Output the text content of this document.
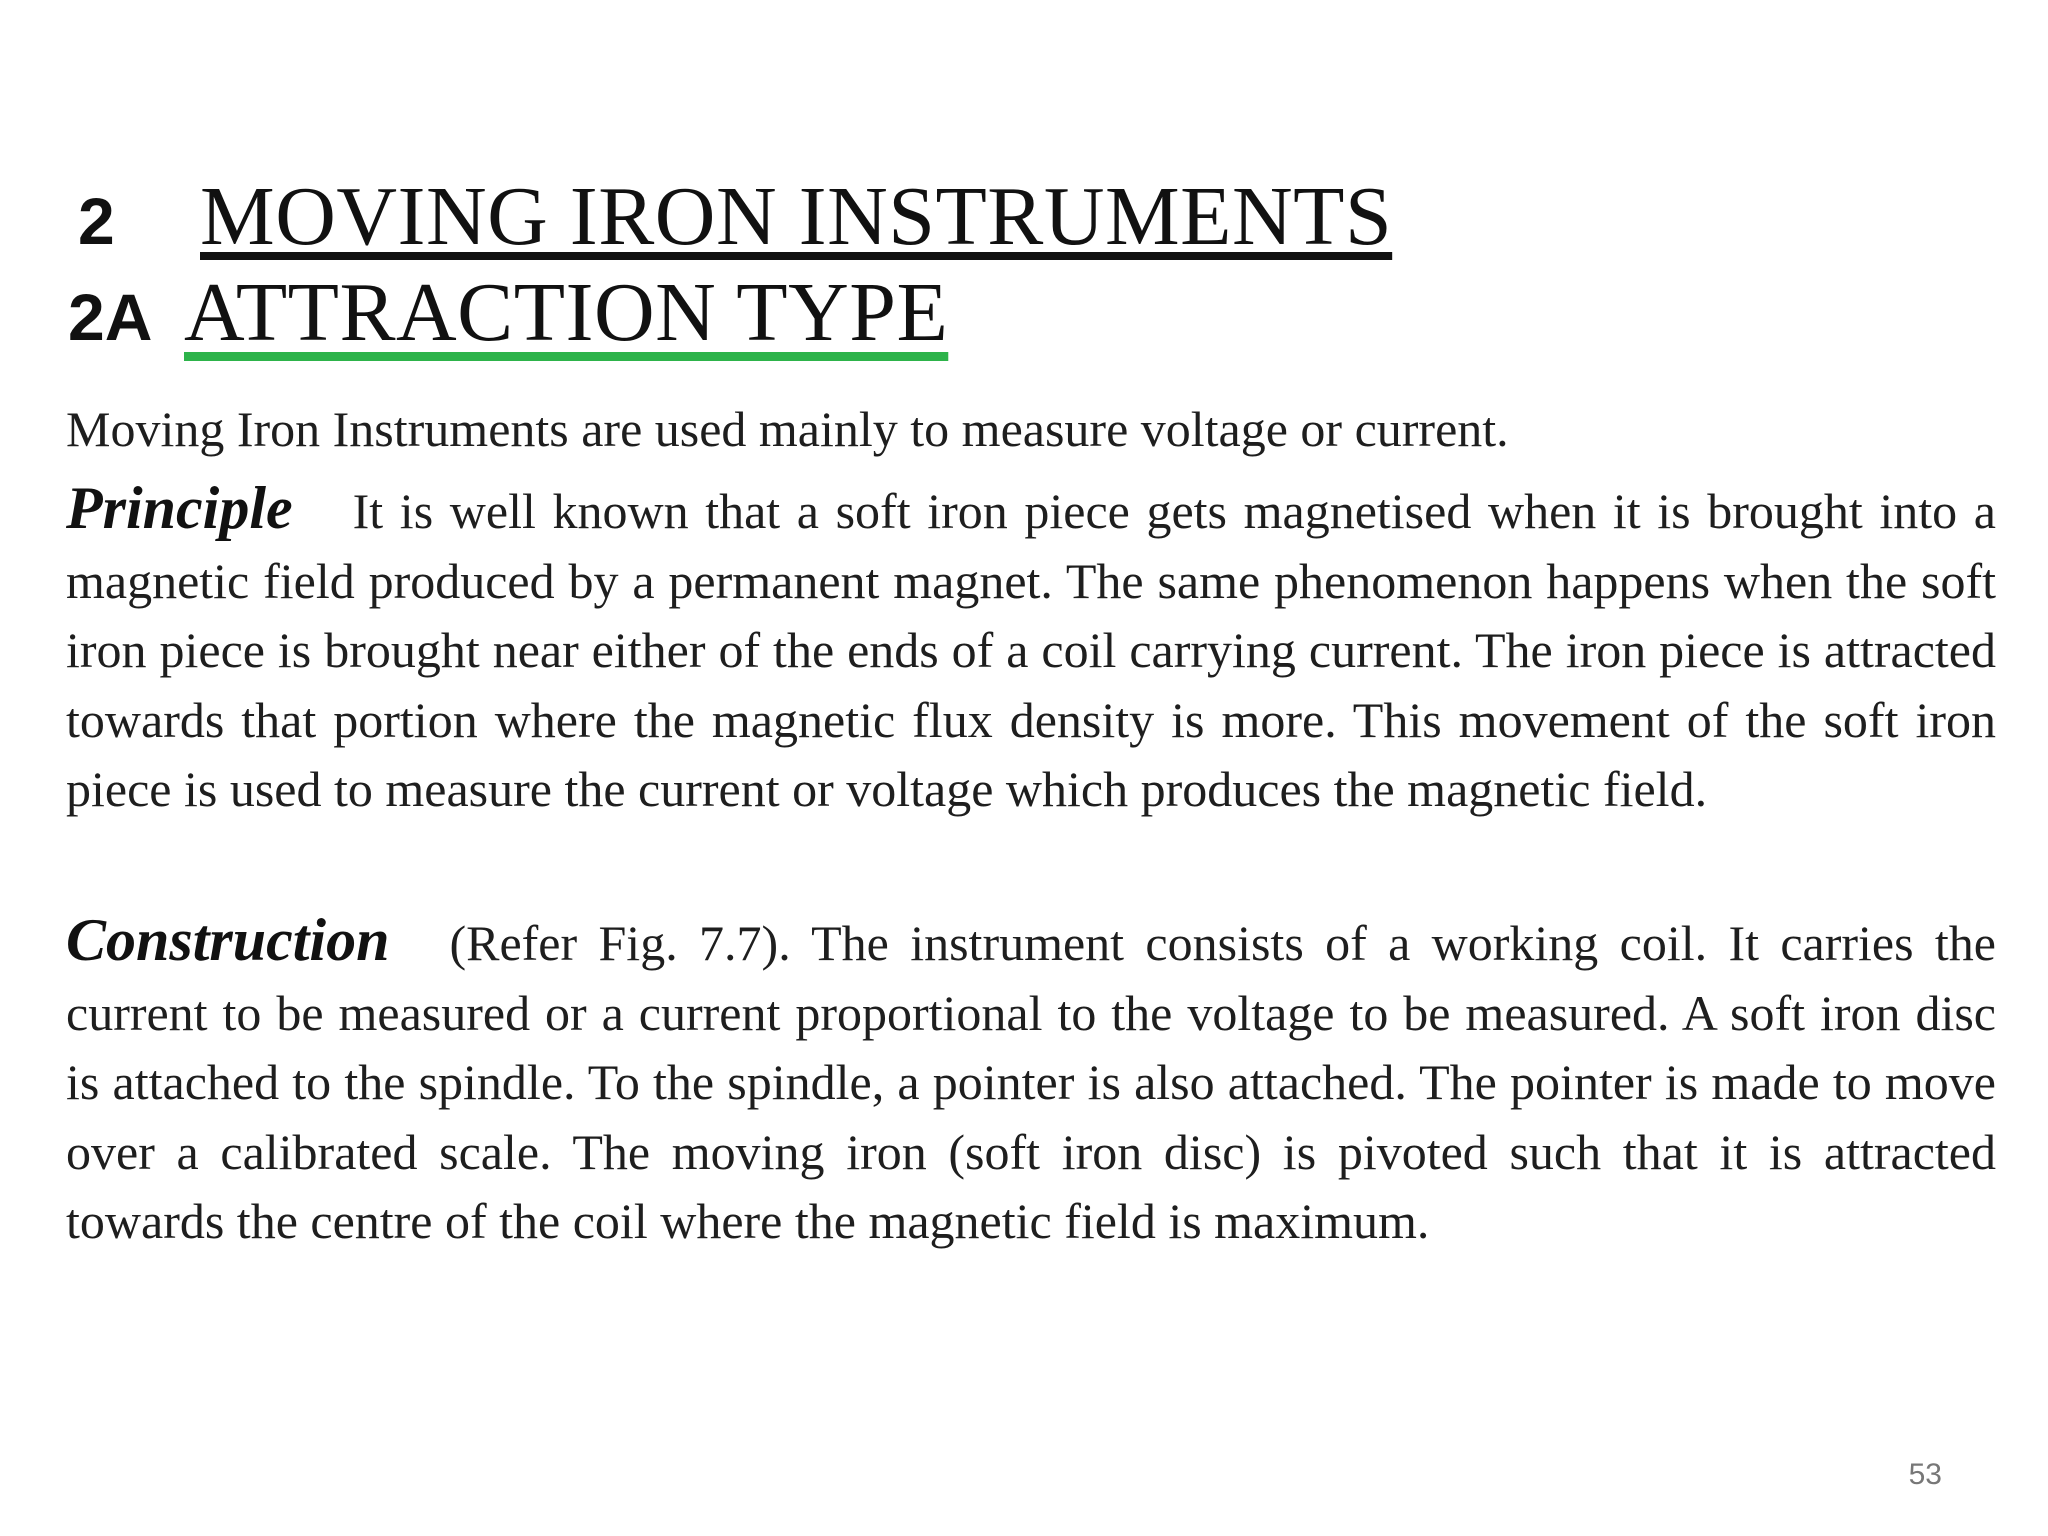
2	MOVING IRON INSTRUMENTS
2A ATTRACTION TYPE

Moving Iron Instruments are used mainly to measure voltage or current.

Principle It is well known that a soft iron piece gets magnetised when it is brought into a magnetic field produced by a permanent magnet. The same phenomenon happens when the soft iron piece is brought near either of the ends of a coil carrying current. The iron piece is attracted towards that portion where the magnetic flux density is more. This movement of the soft iron piece is used to measure the current or voltage which produces the magnetic field.

Construction (Refer Fig. 7.7). The instrument consists of a working coil. It carries the current to be measured or a current proportional to the voltage to be measured. A soft iron disc is attached to the spindle. To the spindle, a pointer is also attached. The pointer is made to move over a calibrated scale. The moving iron (soft iron disc) is pivoted such that it is attracted towards the centre of the coil where the magnetic field is maximum.

53
